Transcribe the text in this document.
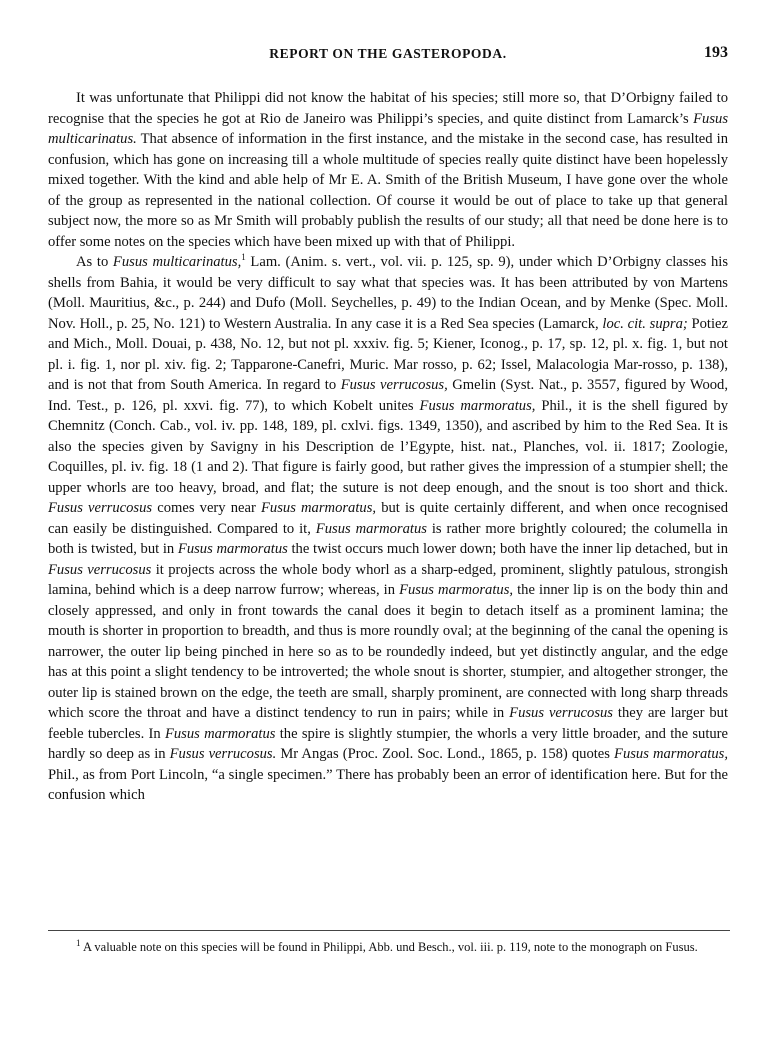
REPORT ON THE GASTEROPODA.	193

It was unfortunate that Philippi did not know the habitat of his species; still more so, that D’Orbigny failed to recognise that the species he got at Rio de Janeiro was Philippi’s species, and quite distinct from Lamarck’s Fusus multicarinatus. That absence of information in the first instance, and the mistake in the second case, has resulted in confusion, which has gone on increasing till a whole multitude of species really quite distinct have been hopelessly mixed together. With the kind and able help of Mr E. A. Smith of the British Museum, I have gone over the whole of the group as represented in the national collection. Of course it would be out of place to take up that general subject now, the more so as Mr Smith will probably publish the results of our study; all that need be done here is to offer some notes on the species which have been mixed up with that of Philippi.

As to Fusus multicarinatus,$^1$ Lam. (Anim. s. vert., vol. vii. p. 125, sp. 9), under which D’Orbigny classes his shells from Bahia, it would be very difficult to say what that species was. It has been attributed by von Martens (Moll. Mauritius, &c., p. 244) and Dufo (Moll. Seychelles, p. 49) to the Indian Ocean, and by Menke (Spec. Moll. Nov. Holl., p. 25, No. 121) to Western Australia. In any case it is a Red Sea species (Lamarck, loc. cit. supra; Potiez and Mich., Moll. Douai, p. 438, No. 12, but not pl. xxxiv. fig. 5; Kiener, Iconog., p. 17, sp. 12, pl. x. fig. 1, but not pl. i. fig. 1, nor pl. xiv. fig. 2; Tapparone-Canefri, Muric. Mar rosso, p. 62; Issel, Malacologia Mar-rosso, p. 138), and is not that from South America. In regard to Fusus verrucosus, Gmelin (Syst. Nat., p. 3557, figured by Wood, Ind. Test., p. 126, pl. xxvi. fig. 77), to which Kobelt unites Fusus marmoratus, Phil., it is the shell figured by Chemnitz (Conch. Cab., vol. iv. pp. 148, 189, pl. cxlvi. figs. 1349, 1350), and ascribed by him to the Red Sea. It is also the species given by Savigny in his Description de l’Egypte, hist. nat., Planches, vol. ii. 1817; Zoologie, Coquilles, pl. iv. fig. 18 (1 and 2). That figure is fairly good, but rather gives the impression of a stumpier shell; the upper whorls are too heavy, broad, and flat; the suture is not deep enough, and the snout is too short and thick. Fusus verrucosus comes very near Fusus marmoratus, but is quite certainly different, and when once recognised can easily be distinguished. Compared to it, Fusus marmoratus is rather more brightly coloured; the columella in both is twisted, but in Fusus marmoratus the twist occurs much lower down; both have the inner lip detached, but in Fusus verrucosus it projects across the whole body whorl as a sharp-edged, prominent, slightly patulous, strongish lamina, behind which is a deep narrow furrow; whereas, in Fusus marmoratus, the inner lip is on the body thin and closely appressed, and only in front towards the canal does it begin to detach itself as a prominent lamina; the mouth is shorter in proportion to breadth, and thus is more roundly oval; at the beginning of the canal the opening is narrower, the outer lip being pinched in here so as to be roundedly indeed, but yet distinctly angular, and the edge has at this point a slight tendency to be introverted; the whole snout is shorter, stumpier, and altogether stronger, the outer lip is stained brown on the edge, the teeth are small, sharply prominent, are connected with long sharp threads which score the throat and have a distinct tendency to run in pairs; while in Fusus verrucosus they are larger but feeble tubercles. In Fusus marmoratus the spire is slightly stumpier, the whorls a very little broader, and the suture hardly so deep as in Fusus verrucosus. Mr Angas (Proc. Zool. Soc. Lond., 1865, p. 158) quotes Fusus marmoratus, Phil., as from Port Lincoln, “a single specimen.” There has probably been an error of identification here. But for the confusion which

$^1$ A valuable note on this species will be found in Philippi, Abb. und Besch., vol. iii. p. 119, note to the monograph on Fusus.
